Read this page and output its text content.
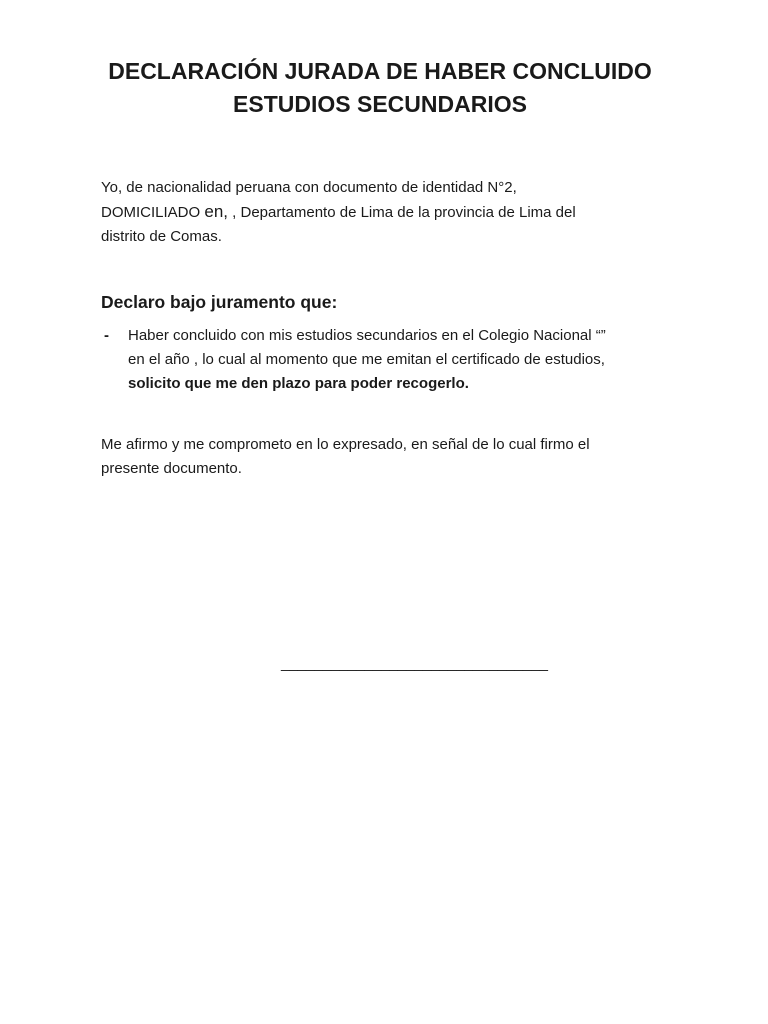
DECLARACIÓN JURADA DE HABER CONCLUIDO
ESTUDIOS SECUNDARIOS
Yo, de nacionalidad peruana con documento de identidad N°2,
DOMICILIADO en, , Departamento de Lima de la provincia de Lima del
distrito de Comas.
Declaro bajo juramento que:
- Haber concluido con mis estudios secundarios en el Colegio Nacional “”
en el año , lo cual al momento que me emitan el certificado de estudios,
solicito que me den plazo para poder recogerlo.
Me afirmo y me comprometo en lo expresado, en señal de lo cual firmo el
presente documento.
________________________________
